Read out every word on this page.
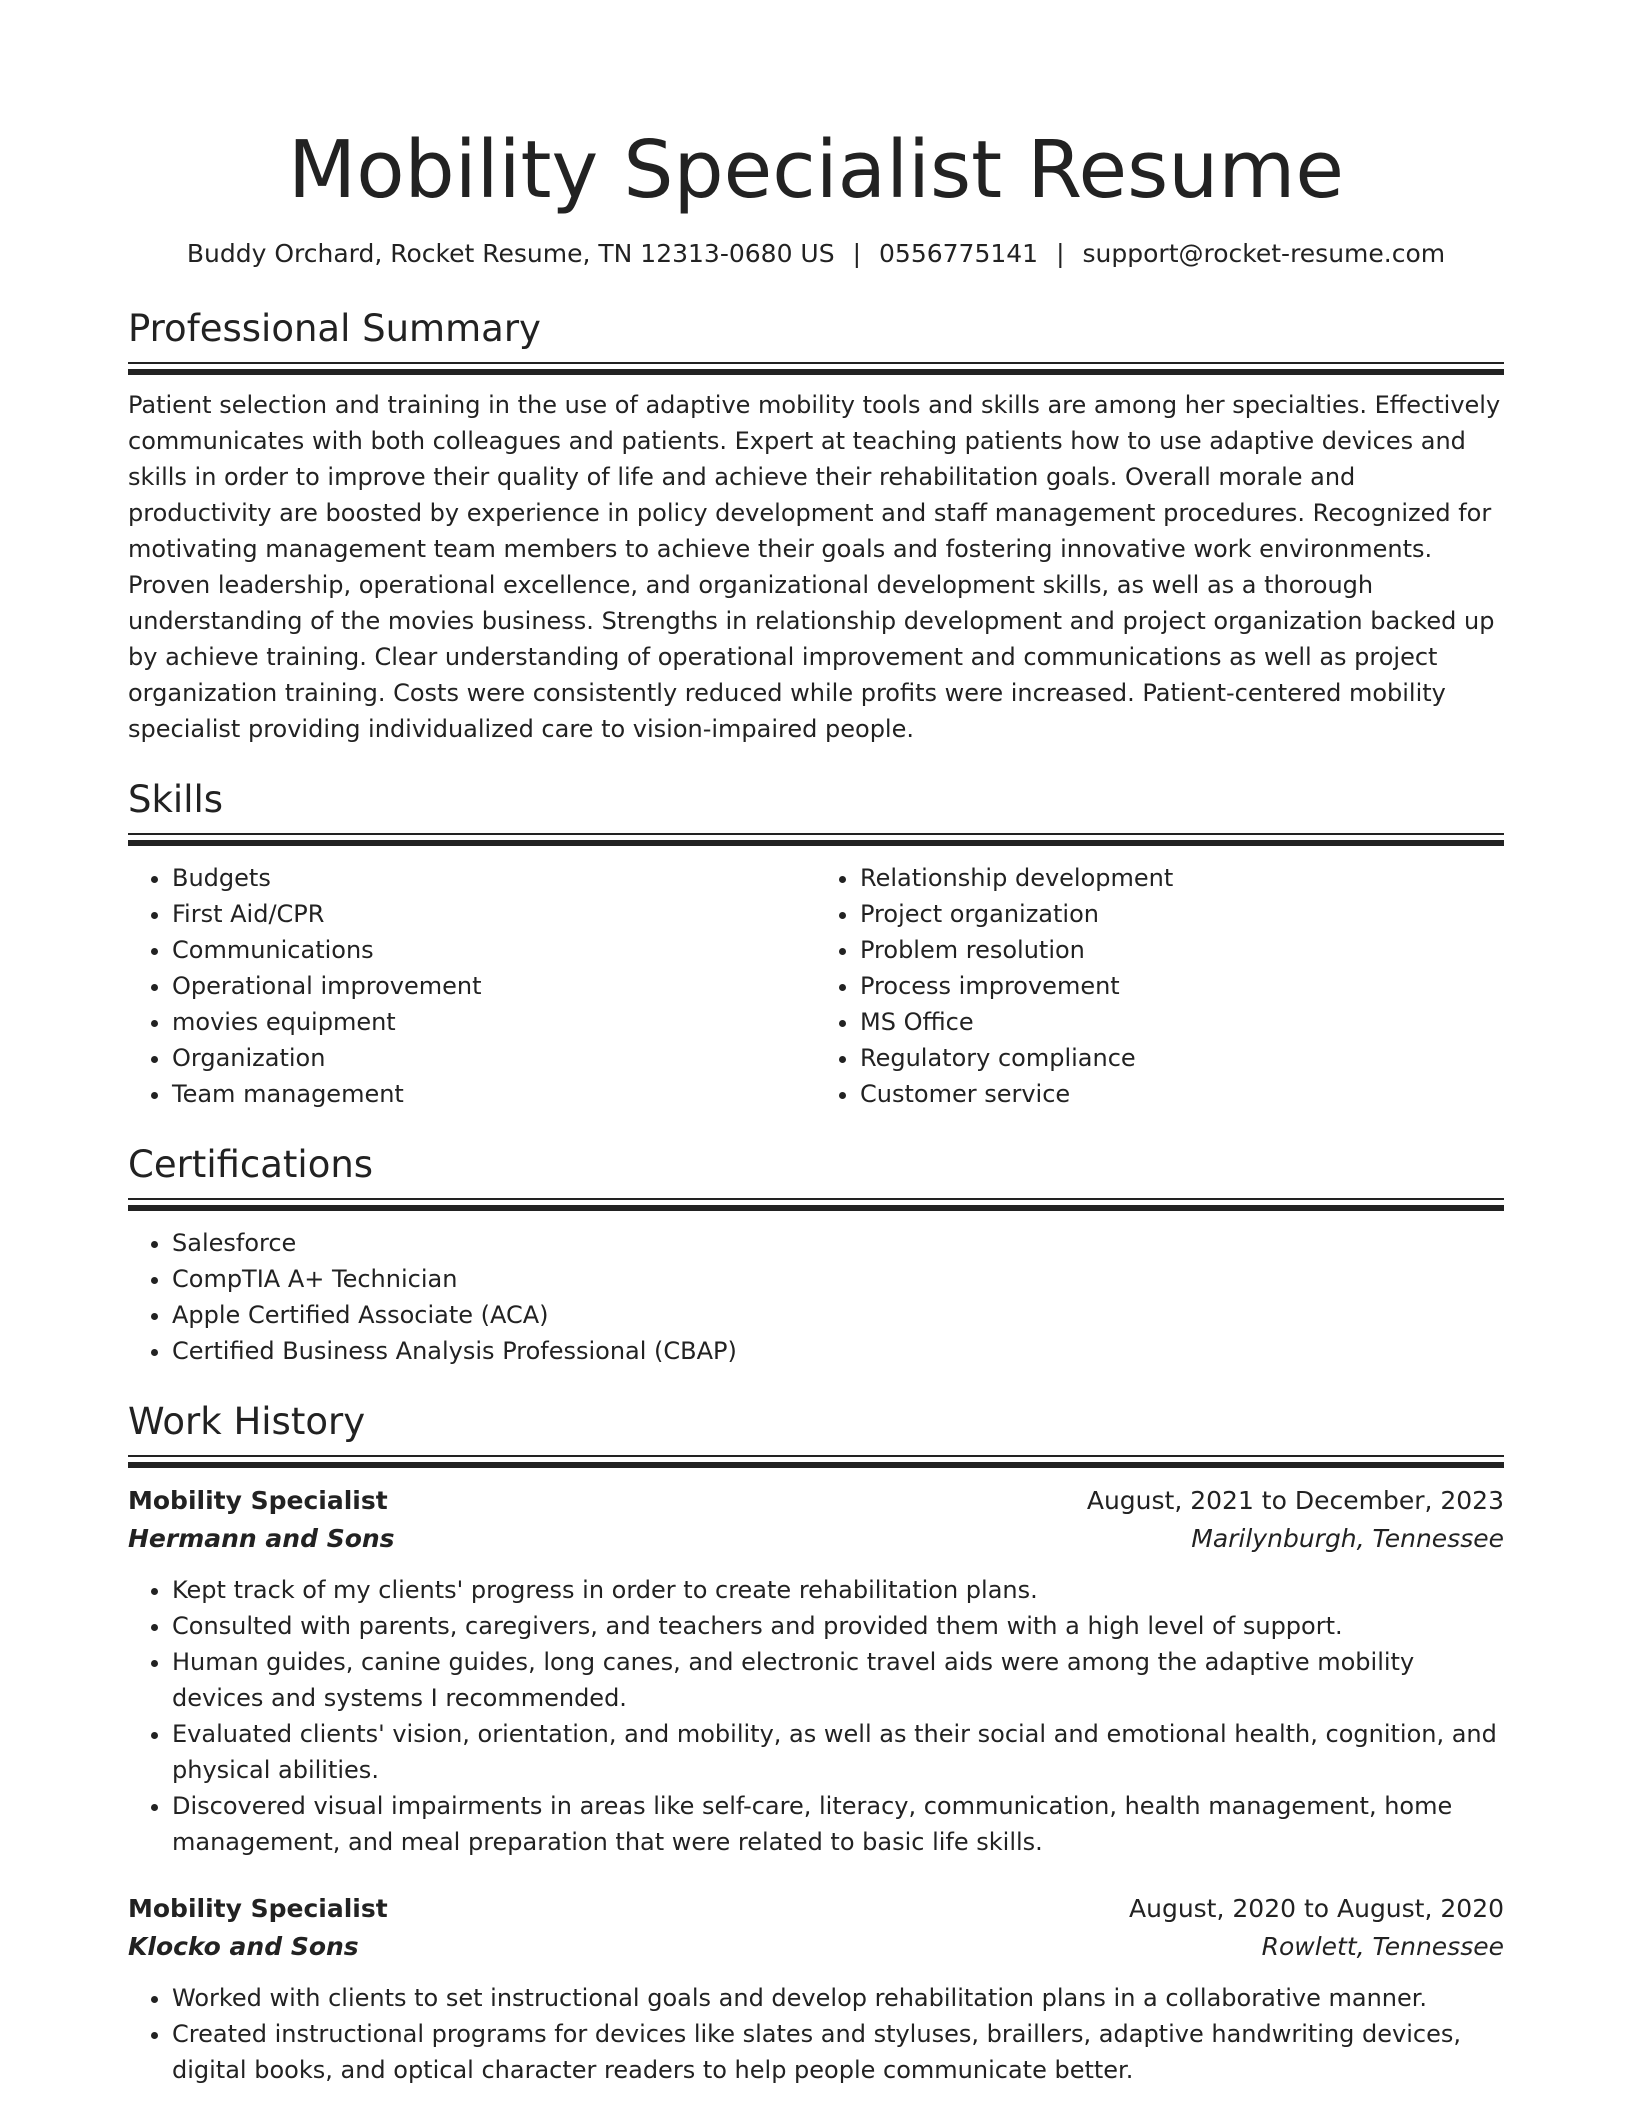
Mobility Specialist Resume
Buddy Orchard, Rocket Resume, TN 12313-0680 US | 0556775141 | support@rocket-resume.com
Professional Summary

Patient selection and training in the use of adaptive mobility tools and skills are among her specialties. Effectively communicates with both colleagues and patients. Expert at teaching patients how to use adaptive devices and skills in order to improve their quality of life and achieve their rehabilitation goals. Overall morale and productivity are boosted by experience in policy development and staff management procedures. Recognized for motivating management team members to achieve their goals and fostering innovative work environments. Proven leadership, operational excellence, and organizational development skills, as well as a thorough understanding of the movies business. Strengths in relationship development and project organization backed up by achieve training. Clear understanding of operational improvement and communications as well as project organization training. Costs were consistently reduced while profits were increased. Patient-centered mobility specialist providing individualized care to vision-impaired people.

Skills
• Budgets
• First Aid/CPR
• Communications
• Operational improvement
• movies equipment
• Organization
• Team management
• Relationship development
• Project organization
• Problem resolution
• Process improvement
• MS Office
• Regulatory compliance
• Customer service
Certifications
• Salesforce
• CompTIA A+ Technician
• Apple Certified Associate (ACA)
• Certified Business Analysis Professional (CBAP)
Work History
Mobility Specialist	August, 2021 to December, 2023
Hermann and Sons	Marilynburgh, Tennessee
• Kept track of my clients' progress in order to create rehabilitation plans.
• Consulted with parents, caregivers, and teachers and provided them with a high level of support.
• Human guides, canine guides, long canes, and electronic travel aids were among the adaptive mobility devices and systems I recommended.
• Evaluated clients' vision, orientation, and mobility, as well as their social and emotional health, cognition, and physical abilities.
• Discovered visual impairments in areas like self-care, literacy, communication, health management, home management, and meal preparation that were related to basic life skills.
Mobility Specialist	August, 2020 to August, 2020
Klocko and Sons	Rowlett, Tennessee
• Worked with clients to set instructional goals and develop rehabilitation plans in a collaborative manner.
• Created instructional programs for devices like slates and styluses, braillers, adaptive handwriting devices, digital books, and optical character readers to help people communicate better.
